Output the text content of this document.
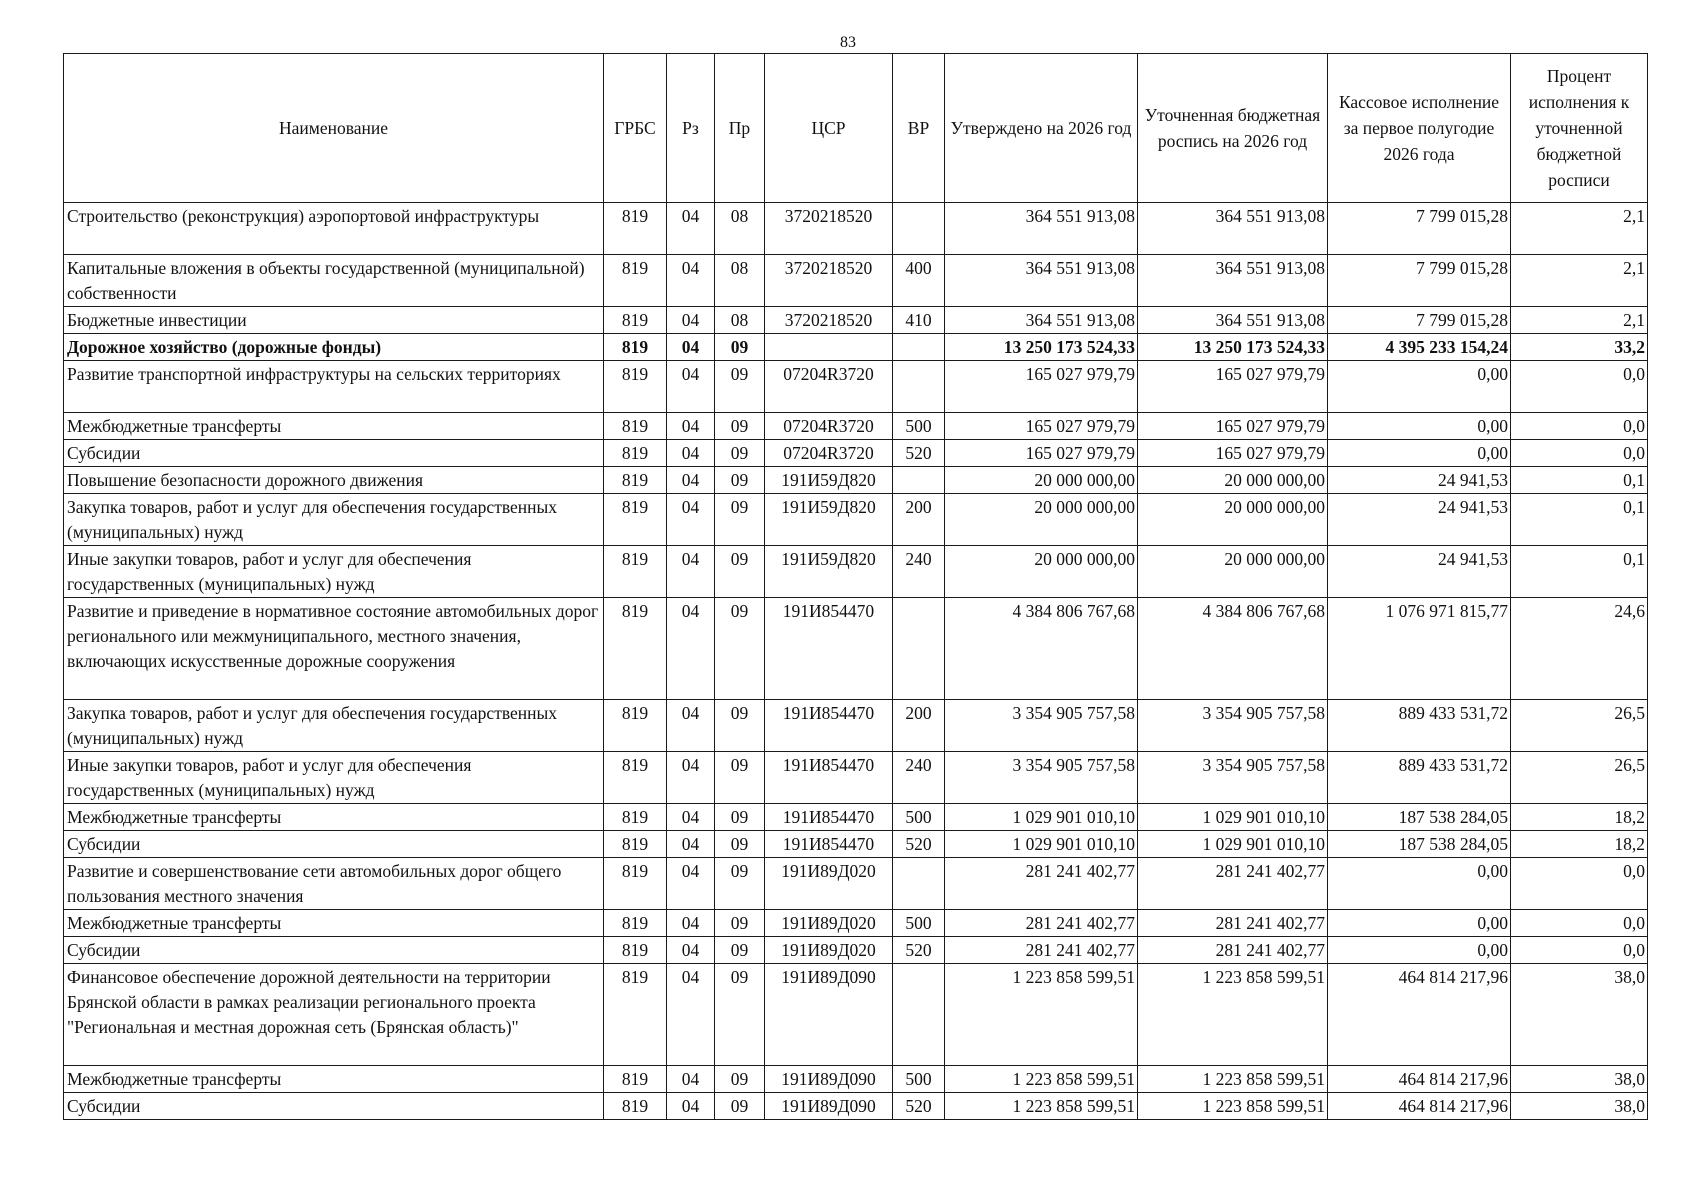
83
Наименование	ГРБС	Рз	Пр	ЦСР	ВР	Утверждено на 2026 год	Уточненная бюджетная роспись на 2026 год	Кассовое исполнение за первое полугодие 2026 года	Процент исполнения к уточненной бюджетной росписи
Строительство (реконструкция) аэропортовой инфраструктуры	819	04	08	3720218520		364 551 913,08	364 551 913,08	7 799 015,28	2,1
Капитальные вложения в объекты государственной (муниципальной) собственности	819	04	08	3720218520	400	364 551 913,08	364 551 913,08	7 799 015,28	2,1
Бюджетные инвестиции	819	04	08	3720218520	410	364 551 913,08	364 551 913,08	7 799 015,28	2,1
Дорожное хозяйство (дорожные фонды)	819	04	09			13 250 173 524,33	13 250 173 524,33	4 395 233 154,24	33,2
Развитие транспортной инфраструктуры на сельских территориях	819	04	09	07204R3720		165 027 979,79	165 027 979,79	0,00	0,0
Межбюджетные трансферты	819	04	09	07204R3720	500	165 027 979,79	165 027 979,79	0,00	0,0
Субсидии	819	04	09	07204R3720	520	165 027 979,79	165 027 979,79	0,00	0,0
Повышение безопасности дорожного движения	819	04	09	191И59Д820		20 000 000,00	20 000 000,00	24 941,53	0,1
Закупка товаров, работ и услуг для обеспечения государственных (муниципальных) нужд	819	04	09	191И59Д820	200	20 000 000,00	20 000 000,00	24 941,53	0,1
Иные закупки товаров, работ и услуг для обеспечения государственных (муниципальных) нужд	819	04	09	191И59Д820	240	20 000 000,00	20 000 000,00	24 941,53	0,1
Развитие и приведение в нормативное состояние автомобильных дорог регионального или межмуниципального, местного значения, включающих искусственные дорожные сооружения	819	04	09	191И854470		4 384 806 767,68	4 384 806 767,68	1 076 971 815,77	24,6
Закупка товаров, работ и услуг для обеспечения государственных (муниципальных) нужд	819	04	09	191И854470	200	3 354 905 757,58	3 354 905 757,58	889 433 531,72	26,5
Иные закупки товаров, работ и услуг для обеспечения государственных (муниципальных) нужд	819	04	09	191И854470	240	3 354 905 757,58	3 354 905 757,58	889 433 531,72	26,5
Межбюджетные трансферты	819	04	09	191И854470	500	1 029 901 010,10	1 029 901 010,10	187 538 284,05	18,2
Субсидии	819	04	09	191И854470	520	1 029 901 010,10	1 029 901 010,10	187 538 284,05	18,2
Развитие и совершенствование сети автомобильных дорог общего пользования местного значения	819	04	09	191И89Д020		281 241 402,77	281 241 402,77	0,00	0,0
Межбюджетные трансферты	819	04	09	191И89Д020	500	281 241 402,77	281 241 402,77	0,00	0,0
Субсидии	819	04	09	191И89Д020	520	281 241 402,77	281 241 402,77	0,00	0,0
Финансовое обеспечение дорожной деятельности на территории Брянской области в рамках реализации регионального проекта "Региональная и местная дорожная сеть (Брянская область)"	819	04	09	191И89Д090		1 223 858 599,51	1 223 858 599,51	464 814 217,96	38,0
Межбюджетные трансферты	819	04	09	191И89Д090	500	1 223 858 599,51	1 223 858 599,51	464 814 217,96	38,0
Субсидии	819	04	09	191И89Д090	520	1 223 858 599,51	1 223 858 599,51	464 814 217,96	38,0
